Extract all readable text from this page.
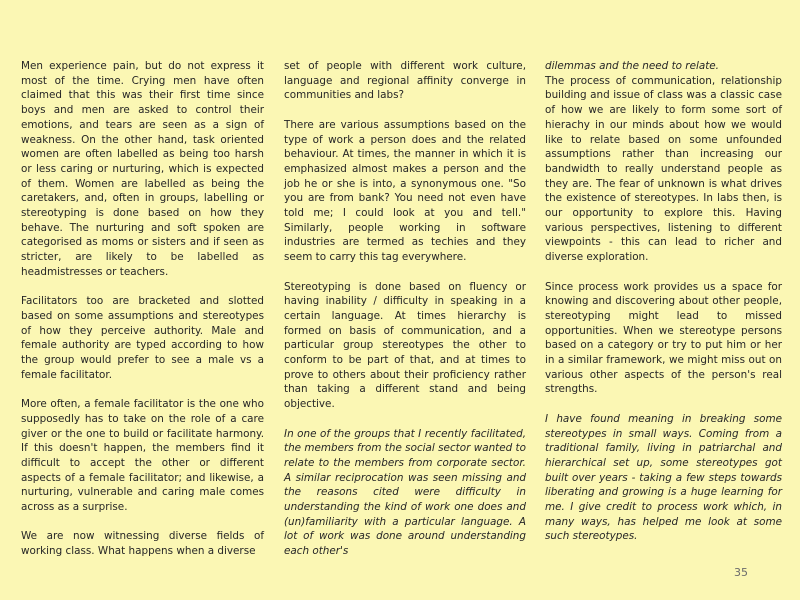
Men experience pain, but do not express it most of the time. Crying men have often claimed that this was their first time since boys and men are asked to control their emotions, and tears are seen as a sign of weakness. On the other hand, task oriented women are often labelled as being too harsh or less caring or nurturing, which is expected of them. Women are labelled as being the caretakers, and, often in groups, labelling or stereotyping is done based on how they behave. The nurturing and soft spoken are categorised as moms or sisters and if seen as stricter, are likely to be labelled as headmistresses or teachers.

Facilitators too are bracketed and slotted based on some assumptions and stereotypes of how they perceive authority. Male and female authority are typed according to how the group would prefer to see a male vs a female facilitator.

More often, a female facilitator is the one who supposedly has to take on the role of a care giver or the one to build or facilitate harmony. If this doesn't happen, the members find it difficult to accept the other or different aspects of a female facilitator; and likewise, a nurturing, vulnerable and caring male comes across as a surprise.

We are now witnessing diverse fields of working class. What happens when a diverse

set of people with different work culture, language and regional affinity converge in communities and labs?

There are various assumptions based on the type of work a person does and the related behaviour. At times, the manner in which it is emphasized almost makes a person and the job he or she is into, a synonymous one. "So you are from bank? You need not even have told me; I could look at you and tell." Similarly, people working in software industries are termed as techies and they seem to carry this tag everywhere.

Stereotyping is done based on fluency or having inability / difficulty in speaking in a certain language. At times hierarchy is formed on basis of communication, and a particular group stereotypes the other to conform to be part of that, and at times to prove to others about their proficiency rather than taking a different stand and being objective.

In one of the groups that I recently facilitated, the members from the social sector wanted to relate to the members from corporate sector. A similar reciprocation was seen missing and the reasons cited were difficulty in understanding the kind of work one does and (un)familiarity with a particular language. A lot of work was done around understanding each other's

dilemmas and the need to relate.

The process of communication, relationship building and issue of class was a classic case of how we are likely to form some sort of hierachy in our minds about how we would like to relate based on some unfounded assumptions rather than increasing our bandwidth to really understand people as they are. The fear of unknown is what drives the existence of stereotypes. In labs then, is our opportunity to explore this. Having various perspectives, listening to different viewpoints - this can lead to richer and diverse exploration.

Since process work provides us a space for knowing and discovering about other people, stereotyping might lead to missed opportunities. When we stereotype persons based on a category or try to put him or her in a similar framework, we might miss out on various other aspects of the person's real strengths.

I have found meaning in breaking some stereotypes in small ways. Coming from a traditional family, living in patriarchal and hierarchical set up, some stereotypes got built over years - taking a few steps towards liberating and growing is a huge learning for me. I give credit to process work which, in many ways, has helped me look at some such stereotypes.

35
